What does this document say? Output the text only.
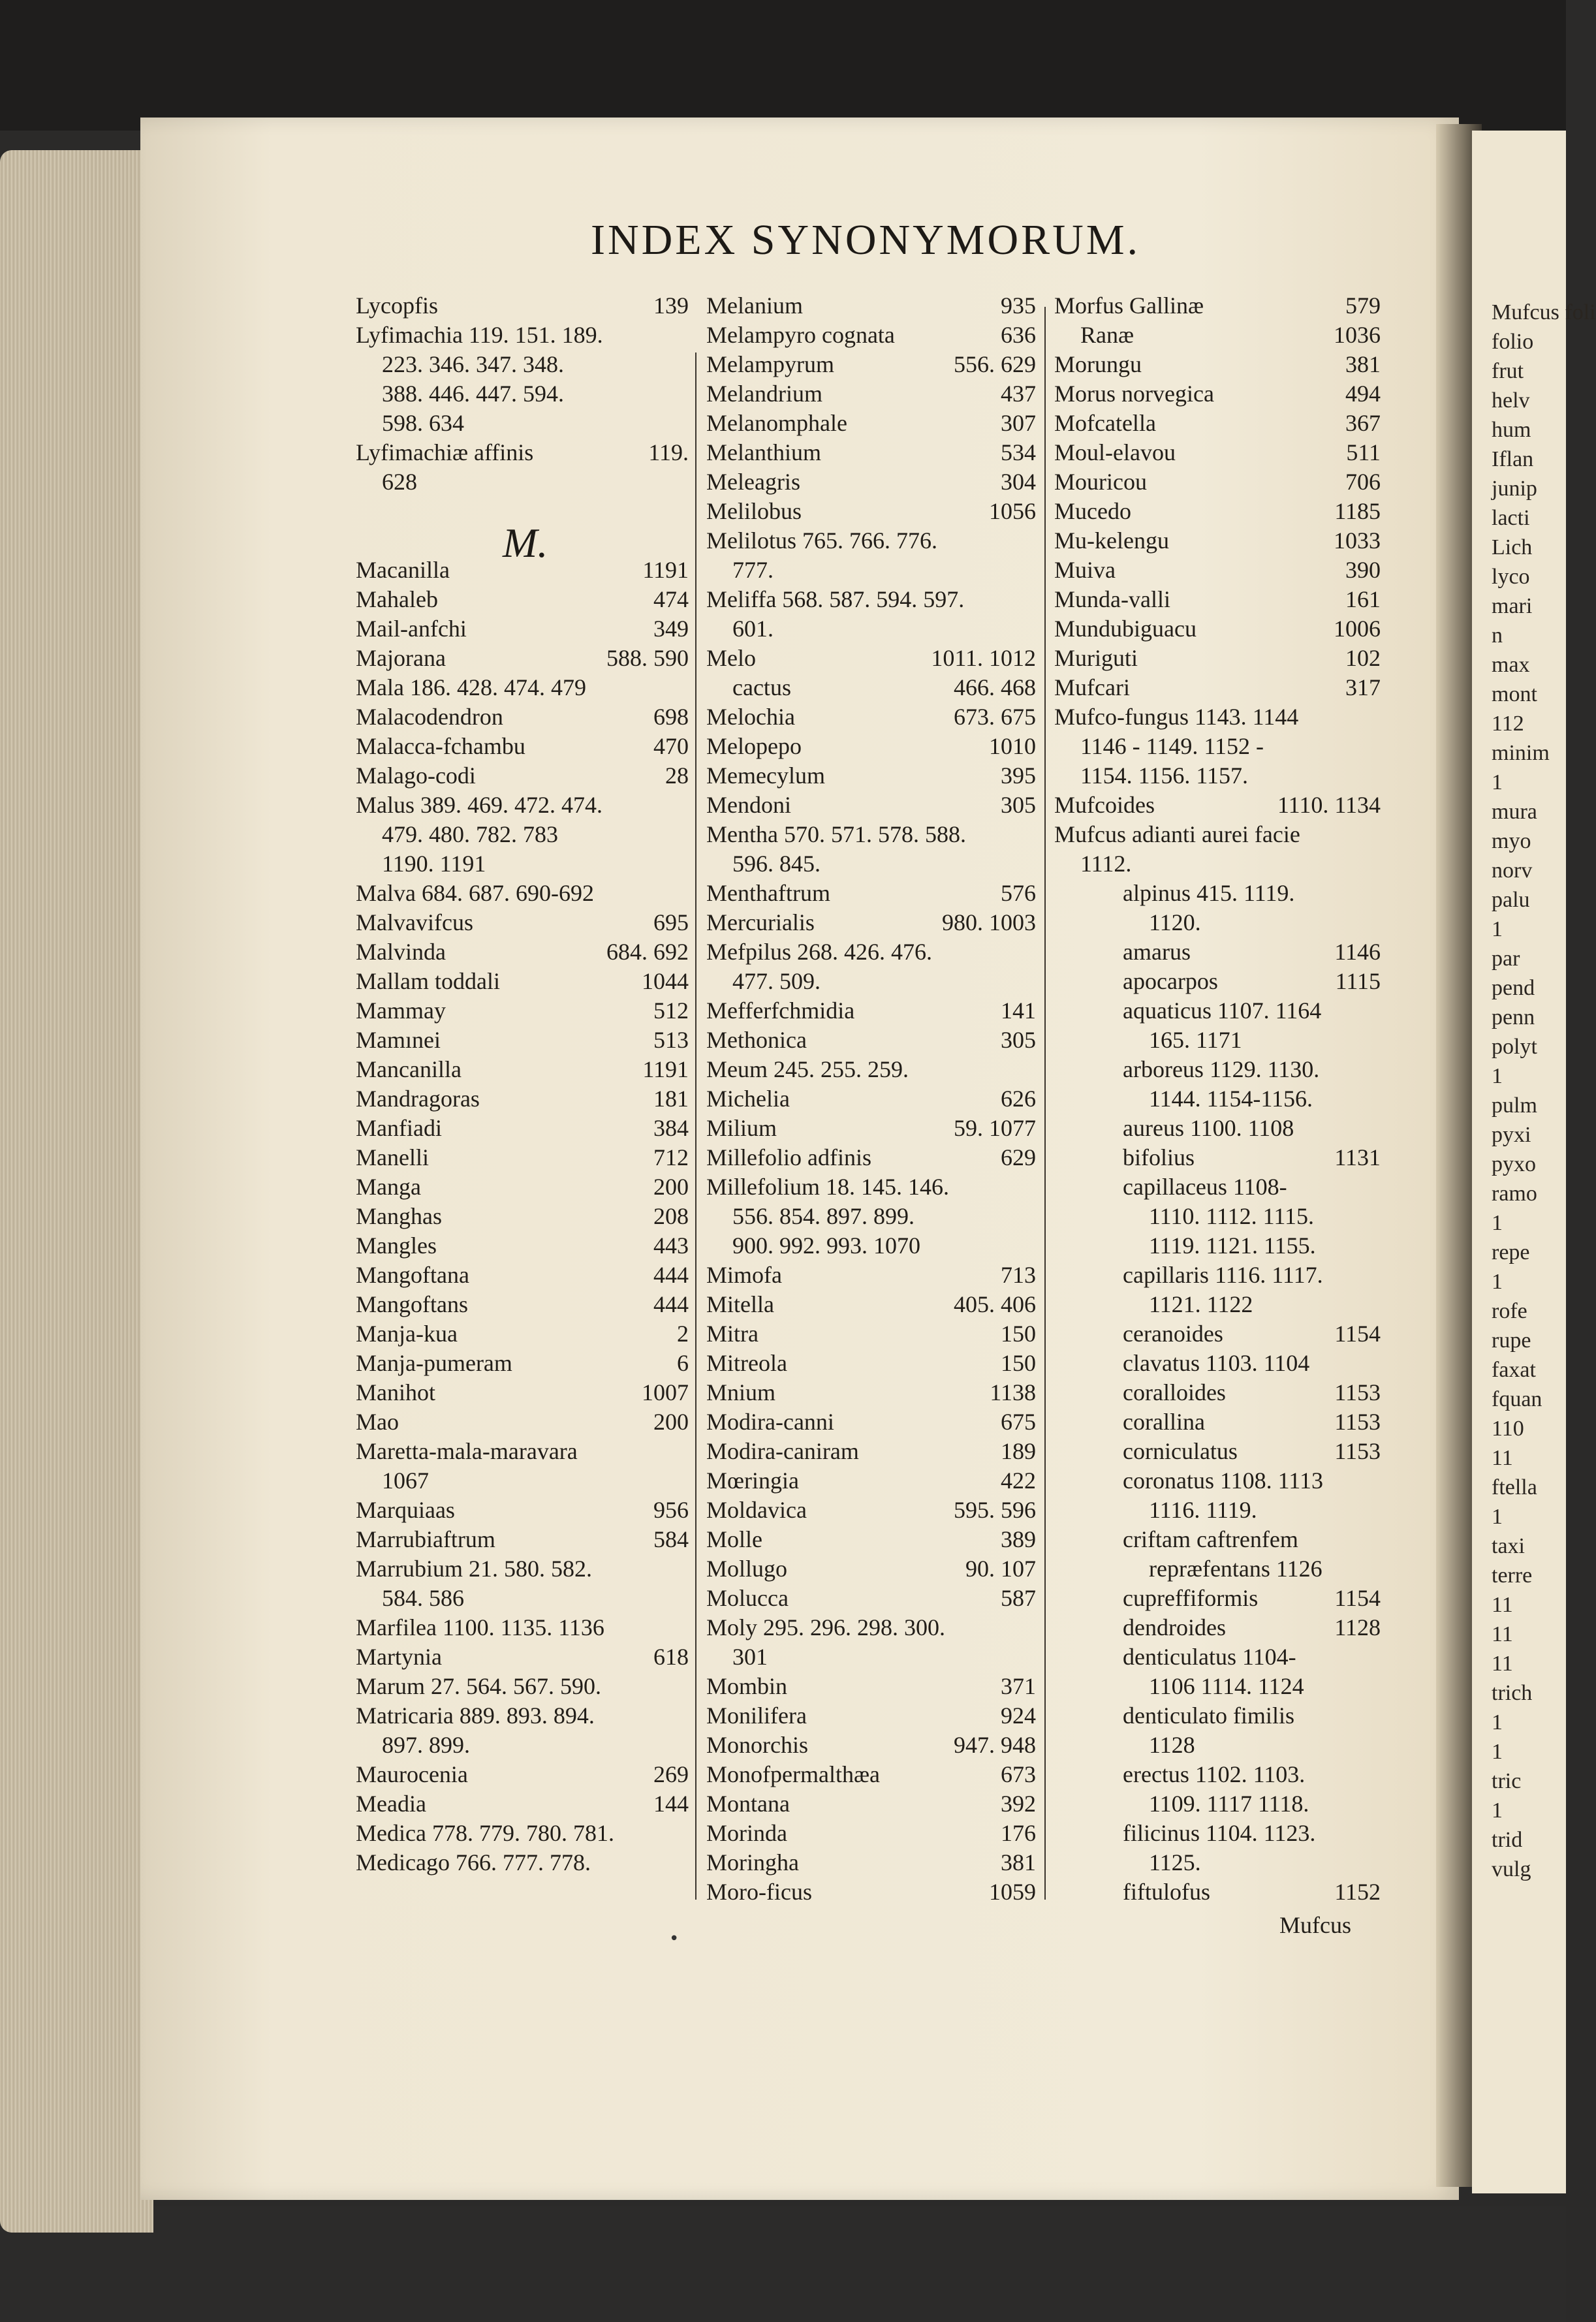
INDEX SYNONYMORUM.
M.
Lycopfis	139
Lyfimachia 119. 151. 189.
223. 346. 347. 348.
388. 446. 447. 594.
598. 634
Lyfimachiæ affinis	119.
628
Macanilla	1191
Mahaleb	474
Mail-anfchi	349
Majorana	588. 590
Mala 186. 428. 474. 479
Malacodendron	698
Malacca-fchambu	470
Malago-codi	28
Malus 389. 469. 472. 474.
479. 480. 782. 783
1190. 1191
Malva 684. 687. 690-692
Malvavifcus	695
Malvinda	684. 692
Mallam toddali	1044
Mammay	512
Mamınei	513
Mancanilla	1191
Mandragoras	181
Manfiadi	384
Manelli	712
Manga	200
Manghas	208
Mangles	443
Mangoftana	444
Mangoftans	444
Manja-kua	2
Manja-pumeram	6
Manihot	1007
Mao	200
Maretta-mala-maravara
1067
Marquiaas	956
Marrubiaftrum	584
Marrubium 21. 580. 582.
584. 586
Marfilea 1100. 1135. 1136
Martynia	618
Marum 27. 564. 567. 590.
Matricaria 889. 893. 894.
897. 899.
Maurocenia	269
Meadia	144
Medica 778. 779. 780. 781.
Medicago 766. 777. 778.
Melanium	935
Melampyro cognata	636
Melampyrum	556. 629
Melandrium	437
Melanomphale	307
Melanthium	534
Meleagris	304
Melilobus	1056
Melilotus 765. 766. 776.
777.
Meliffa 568. 587. 594. 597.
601.
Melo	1011. 1012
cactus	466. 468
Melochia	673. 675
Melopepo	1010
Memecylum	395
Mendoni	305
Mentha 570. 571. 578. 588.
596. 845.
Menthaftrum	576
Mercurialis	980. 1003
Mefpilus 268. 426. 476.
477. 509.
Mefferfchmidia	141
Methonica	305
Meum 245. 255. 259.
Michelia	626
Milium	59. 1077
Millefolio adfinis	629
Millefolium 18. 145. 146.
556. 854. 897. 899.
900. 992. 993. 1070
Mimofa	713
Mitella	405. 406
Mitra	150
Mitreola	150
Mnium	1138
Modira-canni	675
Modira-caniram	189
Mœringia	422
Moldavica	595. 596
Molle	389
Mollugo	90. 107
Molucca	587
Moly 295. 296. 298. 300.
301
Mombin	371
Monilifera	924
Monorchis	947. 948
Monofpermalthæa	673
Montana	392
Morinda	176
Moringha	381
Moro-ficus	1059
Morfus Gallinæ	579
Ranæ	1036
Morungu	381
Morus norvegica	494
Mofcatella	367
Moul-elavou	511
Mouricou	706
Mucedo	1185
Mu-kelengu	1033
Muiva	390
Munda-valli	161
Mundubiguacu	1006
Muriguti	102
Mufcari	317
Mufco-fungus 1143. 1144
1146 - 1149. 1152 -
1154. 1156. 1157.
Mufcoides	1110. 1134
Mufcus adianti aurei facie
1112.
alpinus 415. 1119.
1120.
amarus	1146
apocarpos	1115
aquaticus 1107. 1164
165. 1171
arboreus 1129. 1130.
1144. 1154-1156.
aureus 1100. 1108
bifolius	1131
capillaceus 1108-
1110. 1112. 1115.
1119. 1121. 1155.
capillaris 1116. 1117.
1121. 1122
ceranoides	1154
clavatus 1103. 1104
coralloides	1153
corallina	1153
corniculatus	1153
coronatus 1108. 1113
1116. 1119.
criftam caftrenfem
repræfentans 1126
cupreffiformis	1154
dendroides	1128
denticulatus 1104-
1106 1114. 1124
denticulato fimilis
1128
erectus 1102. 1103.
1109. 1117 1118.
filicinus 1104. 1123.
1125.
fiftulofus	1152
Mufcus
•
Mufcus foli
folio
frut
helv
hum
Iflan
junip
lacti
Lich
lyco
mari
n
max
mont
112
minim
1
mura
myo
norv
palu
1
par
pend
penn
polyt
1
pulm
pyxi
pyxo
ramo
1
repe
1
rofe
rupe
faxat
fquan
110
11
ftella
1
taxi
terre
11
11
11
trich
1
1
tric
1
trid
vulg
